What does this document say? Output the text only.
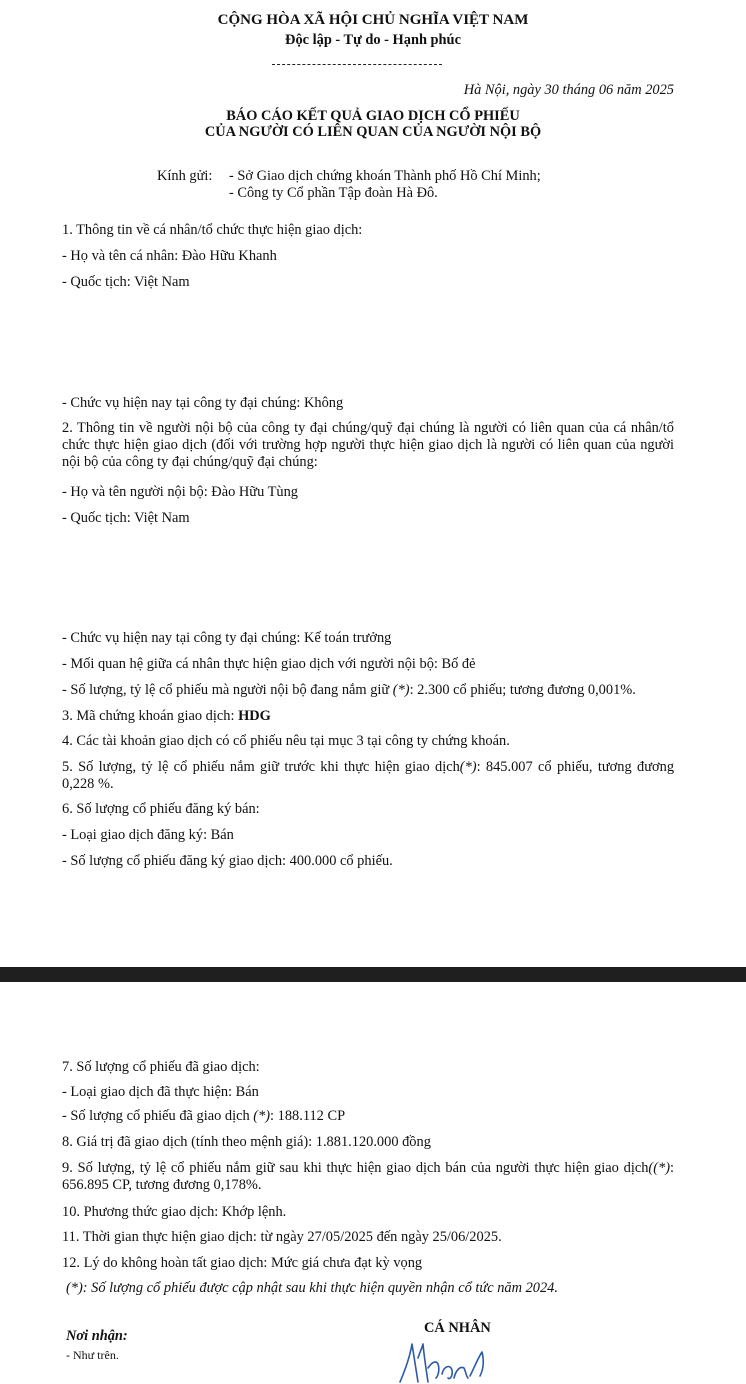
CỘNG HÒA XÃ HỘI CHỦ NGHĨA VIỆT NAM
Độc lập - Tự do - Hạnh phúc
Hà Nội, ngày 30 tháng 06 năm 2025
BÁO CÁO KẾT QUẢ GIAO DỊCH CỔ PHIẾU
CỦA NGƯỜI CÓ LIÊN QUAN CỦA NGƯỜI NỘI BỘ
Kính gửi: - Sở Giao dịch chứng khoán Thành phố Hồ Chí Minh;
- Công ty Cổ phần Tập đoàn Hà Đô.
1. Thông tin về cá nhân/tổ chức thực hiện giao dịch:
- Họ và tên cá nhân: Đào Hữu Khanh
- Quốc tịch: Việt Nam
- Chức vụ hiện nay tại công ty đại chúng: Không
2. Thông tin về người nội bộ của công ty đại chúng/quỹ đại chúng là người có liên quan của cá nhân/tổ chức thực hiện giao dịch (đối với trường hợp người thực hiện giao dịch là người có liên quan của người nội bộ của công ty đại chúng/quỹ đại chúng:
- Họ và tên người nội bộ: Đào Hữu Tùng
- Quốc tịch: Việt Nam
- Chức vụ hiện nay tại công ty đại chúng: Kế toán trưởng
- Mối quan hệ giữa cá nhân thực hiện giao dịch với người nội bộ: Bố đẻ
- Số lượng, tỷ lệ cổ phiếu mà người nội bộ đang nắm giữ (*): 2.300 cổ phiếu; tương đương 0,001%.
3. Mã chứng khoán giao dịch: HDG
4. Các tài khoản giao dịch có cổ phiếu nêu tại mục 3 tại công ty chứng khoán.
5. Số lượng, tỷ lệ cổ phiếu nắm giữ trước khi thực hiện giao dịch(*): 845.007 cổ phiếu, tương đương 0,228 %.
6. Số lượng cổ phiếu đăng ký bán:
- Loại giao dịch đăng ký: Bán
- Số lượng cổ phiếu đăng ký giao dịch: 400.000 cổ phiếu.
7. Số lượng cổ phiếu đã giao dịch:
- Loại giao dịch đã thực hiện: Bán
- Số lượng cổ phiếu đã giao dịch (*): 188.112 CP
8. Giá trị đã giao dịch (tính theo mệnh giá): 1.881.120.000 đồng
9. Số lượng, tỷ lệ cổ phiếu nắm giữ sau khi thực hiện giao dịch bán của người thực hiện giao dịch((*): 656.895 CP, tương đương 0,178%.
10. Phương thức giao dịch: Khớp lệnh.
11. Thời gian thực hiện giao dịch: từ ngày 27/05/2025 đến ngày 25/06/2025.
12. Lý do không hoàn tất giao dịch: Mức giá chưa đạt kỳ vọng
(*): Số lượng cổ phiếu được cập nhật sau khi thực hiện quyền nhận cổ tức năm 2024.
Nơi nhận:
- Như trên.
CÁ NHÂN
